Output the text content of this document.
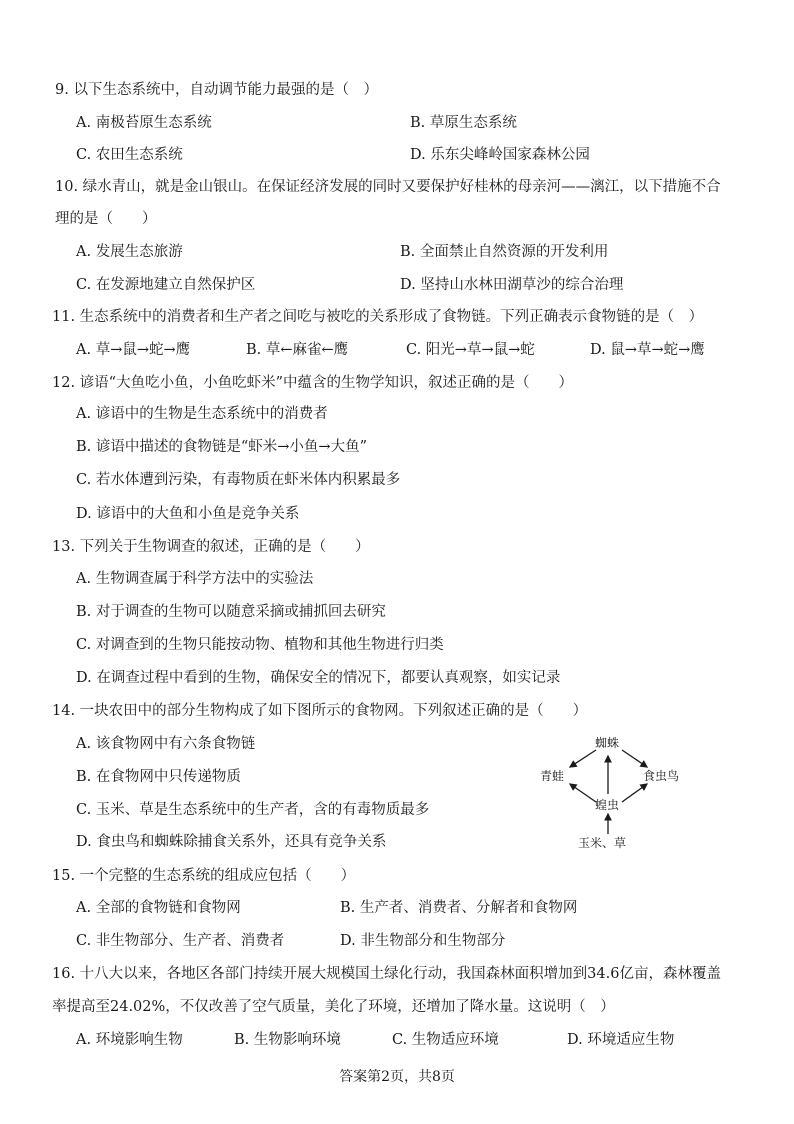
9. 以下生态系统中，自动调节能力最强的是（　）
A. 南极苔原生态系统	B. 草原生态系统
C. 农田生态系统	D. 乐东尖峰岭国家森林公园
10. 绿水青山，就是金山银山。在保证经济发展的同时又要保护好桂林的母亲河——漓江，以下措施不合
理的是（　　）
A. 发展生态旅游	B. 全面禁止自然资源的开发利用
C. 在发源地建立自然保护区	D. 坚持山水林田湖草沙的综合治理
11. 生态系统中的消费者和生产者之间吃与被吃的关系形成了食物链。下列正确表示食物链的是（　）
A. 草→鼠→蛇→鹰	B. 草←麻雀←鹰	C. 阳光→草→鼠→蛇	D. 鼠→草→蛇→鹰
12. 谚语“大鱼吃小鱼，小鱼吃虾米”中蕴含的生物学知识，叙述正确的是（　　）
A. 谚语中的生物是生态系统中的消费者
B. 谚语中描述的食物链是“虾米→小鱼→大鱼”
C. 若水体遭到污染，有毒物质在虾米体内积累最多
D. 谚语中的大鱼和小鱼是竞争关系
13. 下列关于生物调查的叙述，正确的是（　　）
A. 生物调查属于科学方法中的实验法
B. 对于调查的生物可以随意采摘或捕抓回去研究
C. 对调查到的生物只能按动物、植物和其他生物进行归类
D. 在调查过程中看到的生物，确保安全的情况下，都要认真观察，如实记录
14. 一块农田中的部分生物构成了如下图所示的食物网。下列叙述正确的是（　　）
A. 该食物网中有六条食物链
B. 在食物网中只传递物质
C. 玉米、草是生态系统中的生产者，含的有毒物质最多
D. 食虫鸟和蜘蛛除捕食关系外，还具有竞争关系
蜘蛛
青蛙	食虫鸟
蝗虫
玉米、草
15. 一个完整的生态系统的组成应包括（　　）
A. 全部的食物链和食物网	B. 生产者、消费者、分解者和食物网
C. 非生物部分、生产者、消费者	D. 非生物部分和生物部分
16. 十八大以来，各地区各部门持续开展大规模国土绿化行动，我国森林面积增加到34.6亿亩，森林覆盖
率提高至24.02%，不仅改善了空气质量，美化了环境，还增加了降水量。这说明（　）
A. 环境影响生物	B. 生物影响环境	C. 生物适应环境	D. 环境适应生物
答案第2页，共8页
